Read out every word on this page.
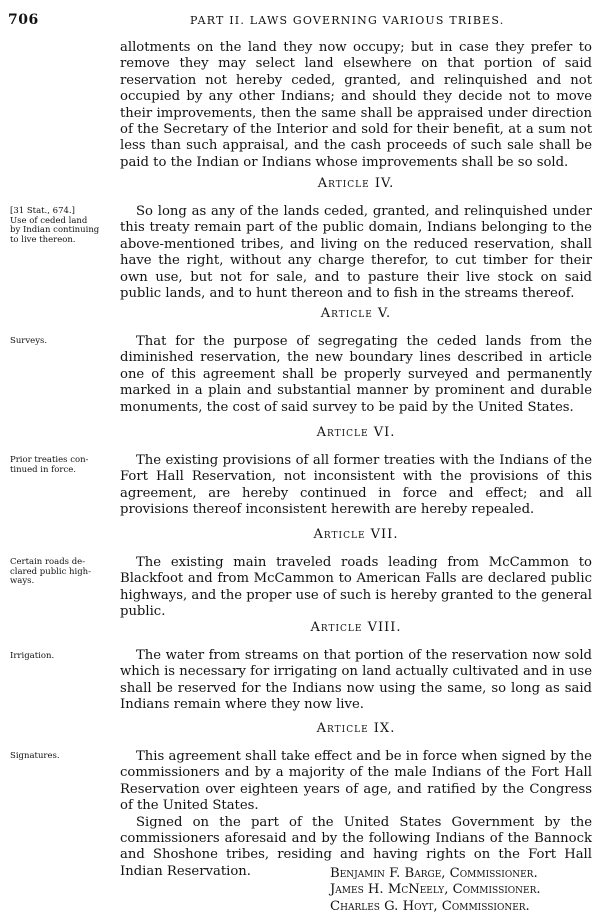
706	PART II. LAWS GOVERNING VARIOUS TRIBES.

allotments on the land they now occupy; but in case they prefer to remove they may select land elsewhere on that portion of said reservation not hereby ceded, granted, and relinquished and not occupied by any other Indians; and should they decide not to move their improvements, then the same shall be appraised under direction of the Secretary of the Interior and sold for their benefit, at a sum not less than such appraisal, and the cash proceeds of such sale shall be paid to the Indian or Indians whose improvements shall be so sold.

Article IV.
[31 Stat., 674.]
Use of ceded land
by Indian continuing
to live thereon.

So long as any of the lands ceded, granted, and relinquished under this treaty remain part of the public domain, Indians belonging to the above-mentioned tribes, and living on the reduced reservation, shall have the right, without any charge therefor, to cut timber for their own use, but not for sale, and to pasture their live stock on said public lands, and to hunt thereon and to fish in the streams thereof.

Article V.
Surveys.	That for the purpose of segregating the ceded lands from the diminished reservation, the new boundary lines described in article one of this agreement shall be properly surveyed and permanently marked in a plain and substantial manner by prominent and durable monuments, the cost of said survey to be paid by the United States.

Article VI.
Prior treaties con-
tinued in force.

The existing provisions of all former treaties with the Indians of the Fort Hall Reservation, not inconsistent with the provisions of this agreement, are hereby continued in force and effect; and all provisions thereof inconsistent herewith are hereby repealed.

Article VII.
Certain roads de-
clared public high-
ways.

The existing main traveled roads leading from McCammon to Blackfoot and from McCammon to American Falls are declared public highways, and the proper use of such is hereby granted to the general public.

Article VIII.
Irrigation.	The water from streams on that portion of the reservation now sold which is necessary for irrigating on land actually cultivated and in use shall be reserved for the Indians now using the same, so long as said Indians remain where they now live.

Article IX.
Signatures.	This agreement shall take effect and be in force when signed by the commissioners and by a majority of the male Indians of the Fort Hall Reservation over eighteen years of age, and ratified by the Congress of the United States.

Signed on the part of the United States Government by the commissioners aforesaid and by the following Indians of the Bannock and Shoshone tribes, residing and having rights on the Fort Hall Indian Reservation.	Benjamin F. Barge, Commissioner.
James H. McNeely, Commissioner.
Charles G. Hoyt, Commissioner.
